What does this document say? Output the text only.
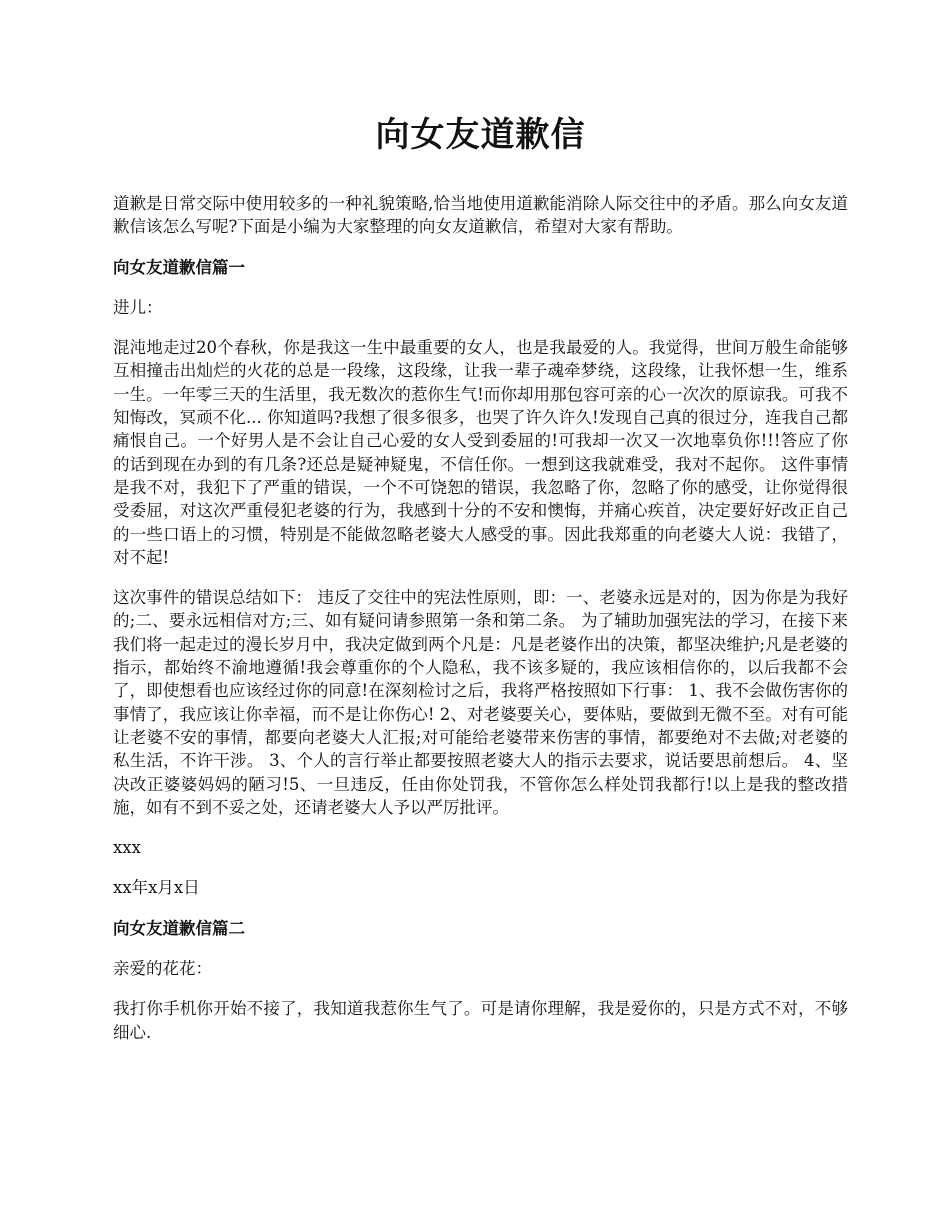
向女友道歉信

道歉是日常交际中使用较多的一种礼貌策略,恰当地使用道歉能消除人际交往中的矛盾。那么向女友道歉信该怎么写呢?下面是小编为大家整理的向女友道歉信，希望对大家有帮助。

向女友道歉信篇一

进儿：

混沌地走过20个春秋，你是我这一生中最重要的女人，也是我最爱的人。我觉得，世间万般生命能够互相撞击出灿烂的火花的总是一段缘，这段缘，让我一辈子魂牵梦绕，这段缘，让我怀想一生，维系一生。一年零三天的生活里，我无数次的惹你生气!而你却用那包容可亲的心一次次的原谅我。可我不知悔改，冥顽不化... 你知道吗?我想了很多很多，也哭了许久许久!发现自己真的很过分，连我自己都痛恨自己。一个好男人是不会让自己心爱的女人受到委屈的!可我却一次又一次地辜负你!!!答应了你的话到现在办到的有几条?还总是疑神疑鬼，不信任你。一想到这我就难受，我对不起你。 这件事情是我不对，我犯下了严重的错误，一个不可饶恕的错误，我忽略了你，忽略了你的感受，让你觉得很受委屈，对这次严重侵犯老婆的行为，我感到十分的不安和懊悔，并痛心疾首，决定要好好改正自己的一些口语上的习惯，特别是不能做忽略老婆大人感受的事。因此我郑重的向老婆大人说：我错了，对不起!

这次事件的错误总结如下： 违反了交往中的宪法性原则，即：一、老婆永远是对的，因为你是为我好的;二、要永远相信对方;三、如有疑问请参照第一条和第二条。 为了辅助加强宪法的学习，在接下来我们将一起走过的漫长岁月中，我决定做到两个凡是：凡是老婆作出的决策，都坚决维护;凡是老婆的指示，都始终不渝地遵循!我会尊重你的个人隐私，我不该多疑的，我应该相信你的，以后我都不会了，即使想看也应该经过你的同意!在深刻检讨之后，我将严格按照如下行事： 1、我不会做伤害你的事情了，我应该让你幸福，而不是让你伤心! 2、对老婆要关心，要体贴，要做到无微不至。对有可能让老婆不安的事情，都要向老婆大人汇报;对可能给老婆带来伤害的事情，都要绝对不去做;对老婆的私生活，不许干涉。 3、个人的言行举止都要按照老婆大人的指示去要求，说话要思前想后。 4、坚决改正婆婆妈妈的陋习!5、一旦违反，任由你处罚我，不管你怎么样处罚我都行!以上是我的整改措施，如有不到不妥之处，还请老婆大人予以严厉批评。

xxx

xx年x月x日

向女友道歉信篇二

亲爱的花花：

我打你手机你开始不接了，我知道我惹你生气了。可是请你理解，我是爱你的，只是方式不对，不够细心.
